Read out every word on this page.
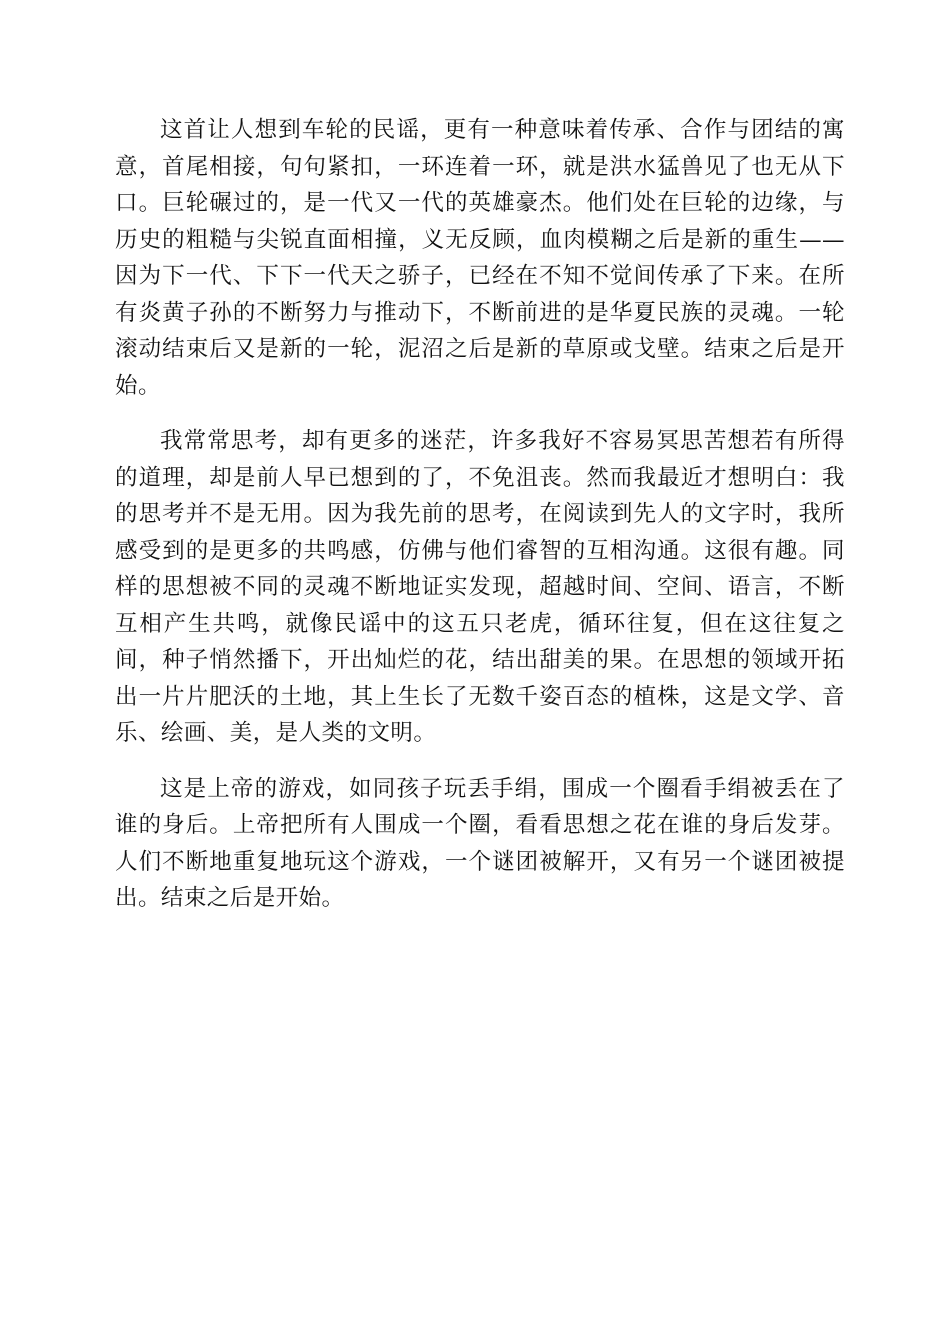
这首让人想到车轮的民谣，更有一种意味着传承、合作与团结的寓意，首尾相接，句句紧扣，一环连着一环，就是洪水猛兽见了也无从下口。巨轮碾过的，是一代又一代的英雄豪杰。他们处在巨轮的边缘，与历史的粗糙与尖锐直面相撞，义无反顾，血肉模糊之后是新的重生——因为下一代、下下一代天之骄子，已经在不知不觉间传承了下来。在所有炎黄子孙的不断努力与推动下，不断前进的是华夏民族的灵魂。一轮滚动结束后又是新的一轮，泥沼之后是新的草原或戈壁。结束之后是开始。

我常常思考，却有更多的迷茫，许多我好不容易冥思苦想若有所得的道理，却是前人早已想到的了，不免沮丧。然而我最近才想明白：我的思考并不是无用。因为我先前的思考，在阅读到先人的文字时，我所感受到的是更多的共鸣感，仿佛与他们睿智的互相沟通。这很有趣。同样的思想被不同的灵魂不断地证实发现，超越时间、空间、语言，不断互相产生共鸣，就像民谣中的这五只老虎，循环往复，但在这往复之间，种子悄然播下，开出灿烂的花，结出甜美的果。在思想的领域开拓出一片片肥沃的土地，其上生长了无数千姿百态的植株，这是文学、音乐、绘画、美，是人类的文明。

这是上帝的游戏，如同孩子玩丢手绢，围成一个圈看手绢被丢在了谁的身后。上帝把所有人围成一个圈，看看思想之花在谁的身后发芽。人们不断地重复地玩这个游戏，一个谜团被解开，又有另一个谜团被提出。结束之后是开始。
